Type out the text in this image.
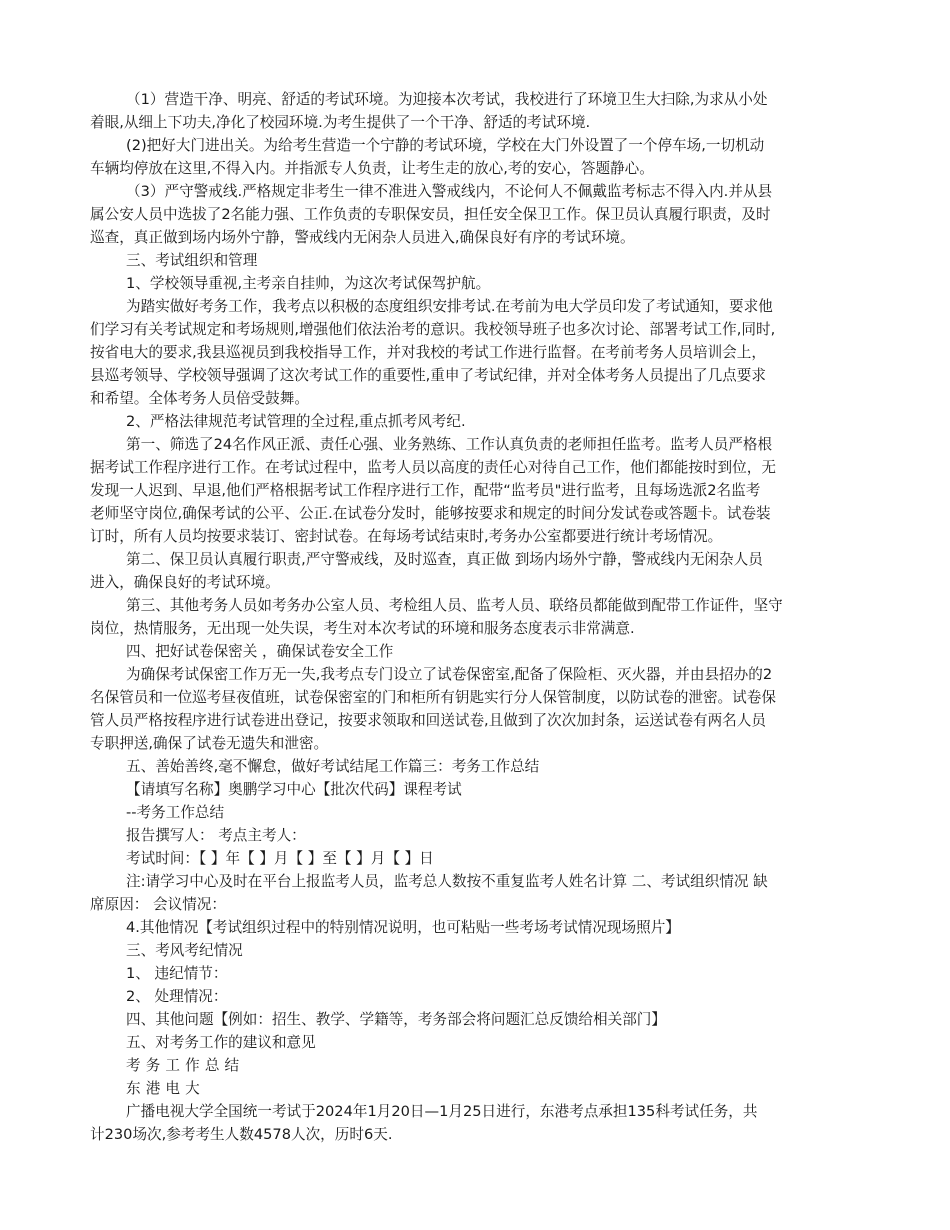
（1）营造干净、明亮、舒适的考试环境。为迎接本次考试，我校进行了环境卫生大扫除,为求从小处
着眼,从细上下功夫,净化了校园环境.为考生提供了一个干净、舒适的考试环境.
(2)把好大门进出关。为给考生营造一个宁静的考试环境，学校在大门外设置了一个停车场,一切机动
车辆均停放在这里,不得入内。并指派专人负责，让考生走的放心,考的安心，答题静心。
（3）严守警戒线.严格规定非考生一律不准进入警戒线内，不论何人不佩戴监考标志不得入内.并从县
属公安人员中选拔了2名能力强、工作负责的专职保安员，担任安全保卫工作。保卫员认真履行职责，及时
巡查，真正做到场内场外宁静，警戒线内无闲杂人员进入,确保良好有序的考试环境。
三、考试组织和管理
1、学校领导重视,主考亲自挂帅，为这次考试保驾护航。
为踏实做好考务工作，我考点以积极的态度组织安排考试.在考前为电大学员印发了考试通知，要求他
们学习有关考试规定和考场规则,增强他们依法治考的意识。我校领导班子也多次讨论、部署考试工作,同时,
按省电大的要求,我县巡视员到我校指导工作，并对我校的考试工作进行监督。在考前考务人员培训会上，
县巡考领导、学校领导强调了这次考试工作的重要性,重申了考试纪律，并对全体考务人员提出了几点要求
和希望。全体考务人员倍受鼓舞。
2、严格法律规范考试管理的全过程,重点抓考风考纪.
第一、筛选了24名作风正派、责任心强、业务熟练、工作认真负责的老师担任监考。监考人员严格根
据考试工作程序进行工作。在考试过程中，监考人员以高度的责任心对待自己工作，他们都能按时到位，无
发现一人迟到、早退,他们严格根据考试工作程序进行工作，配带“监考员"进行监考，且每场选派2名监考
老师坚守岗位,确保考试的公平、公正.在试卷分发时，能够按要求和规定的时间分发试卷或答题卡。试卷装
订时，所有人员均按要求装订、密封试卷。在每场考试结束时,考务办公室都要进行统计考场情况。
第二、保卫员认真履行职责,严守警戒线，及时巡查，真正做 到场内场外宁静，警戒线内无闲杂人员
进入，确保良好的考试环境。
第三、其他考务人员如考务办公室人员、考检组人员、监考人员、联络员都能做到配带工作证件，坚守
岗位，热情服务，无出现一处失误，考生对本次考试的环境和服务态度表示非常满意.
四、把好试卷保密关 ，确保试卷安全工作
为确保考试保密工作万无一失,我考点专门设立了试卷保密室,配备了保险柜、灭火器，并由县招办的2
名保管员和一位巡考昼夜值班，试卷保密室的门和柜所有钥匙实行分人保管制度，以防试卷的泄密。试卷保
管人员严格按程序进行试卷进出登记，按要求领取和回送试卷,且做到了次次加封条，运送试卷有两名人员
专职押送,确保了试卷无遗失和泄密。
五、善始善终,毫不懈怠，做好考试结尾工作篇三：考务工作总结
【请填写名称】奥鹏学习中心【批次代码】课程考试
--考务工作总结
报告撰写人： 考点主考人：
考试时间：【 】年【 】月【 】至【 】月【 】日
注:请学习中心及时在平台上报监考人员，监考总人数按不重复监考人姓名计算 二、考试组织情况 缺
席原因： 会议情况：
4.其他情况【考试组织过程中的特别情况说明，也可粘贴一些考场考试情况现场照片】
三、考风考纪情况
1、 违纪情节：
2、 处理情况：
四、其他问题【例如：招生、教学、学籍等，考务部会将问题汇总反馈给相关部门】
五、对考务工作的建议和意见
考务工作总结
东港电大
广播电视大学全国统一考试于2024年1月20日—1月25日进行，东港考点承担135科考试任务，共
计230场次,参考考生人数4578人次，历时6天.
